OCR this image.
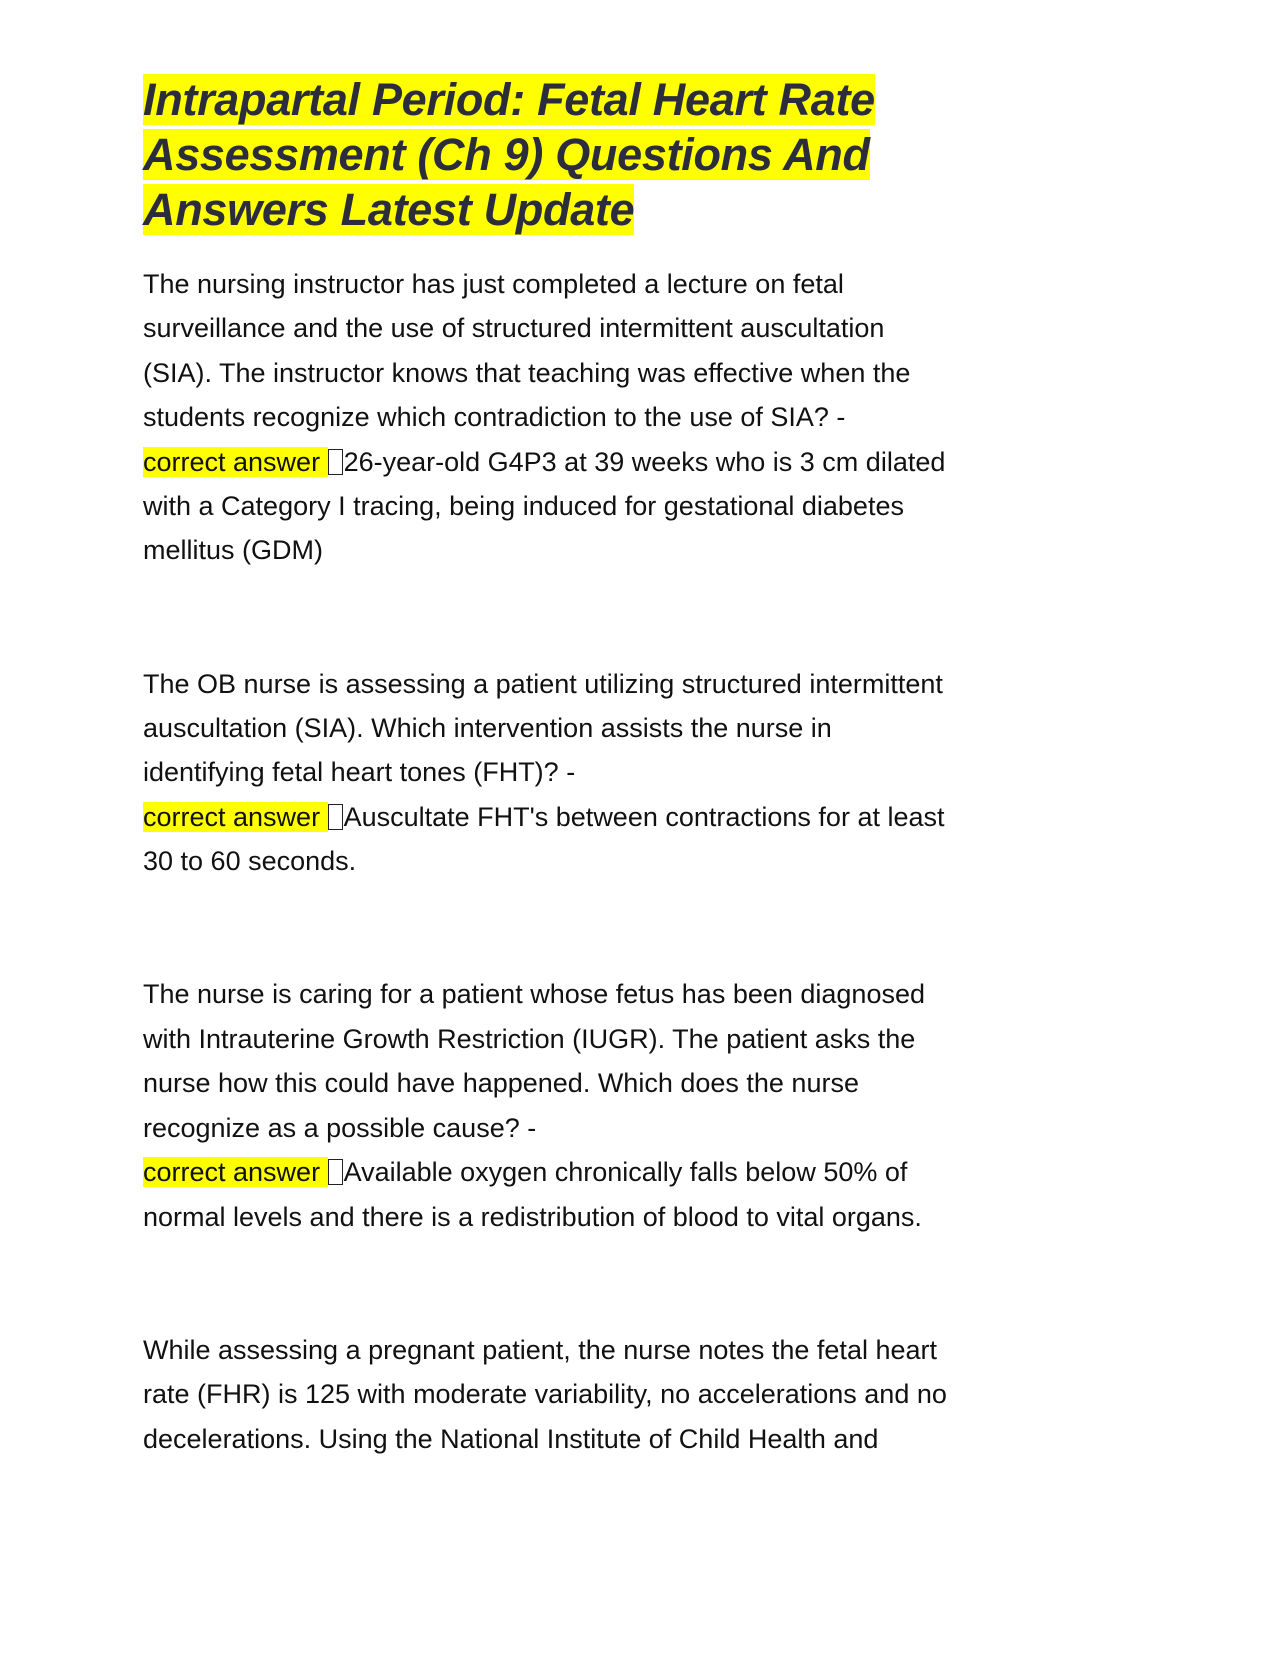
Intrapartal Period: Fetal Heart Rate
Assessment (Ch 9) Questions And
Answers Latest Update
The nursing instructor has just completed a lecture on fetal
surveillance and the use of structured intermittent auscultation
(SIA). The instructor knows that teaching was effective when the
students recognize which contradiction to the use of SIA? -
correct answer 26-year-old G4P3 at 39 weeks who is 3 cm dilated
with a Category I tracing, being induced for gestational diabetes
mellitus (GDM)
The OB nurse is assessing a patient utilizing structured intermittent
auscultation (SIA). Which intervention assists the nurse in
identifying fetal heart tones (FHT)? -
correct answer Auscultate FHT's between contractions for at least
30 to 60 seconds.
The nurse is caring for a patient whose fetus has been diagnosed
with Intrauterine Growth Restriction (IUGR). The patient asks the
nurse how this could have happened. Which does the nurse
recognize as a possible cause? -
correct answer Available oxygen chronically falls below 50% of
normal levels and there is a redistribution of blood to vital organs.
While assessing a pregnant patient, the nurse notes the fetal heart
rate (FHR) is 125 with moderate variability, no accelerations and no
decelerations. Using the National Institute of Child Health and
